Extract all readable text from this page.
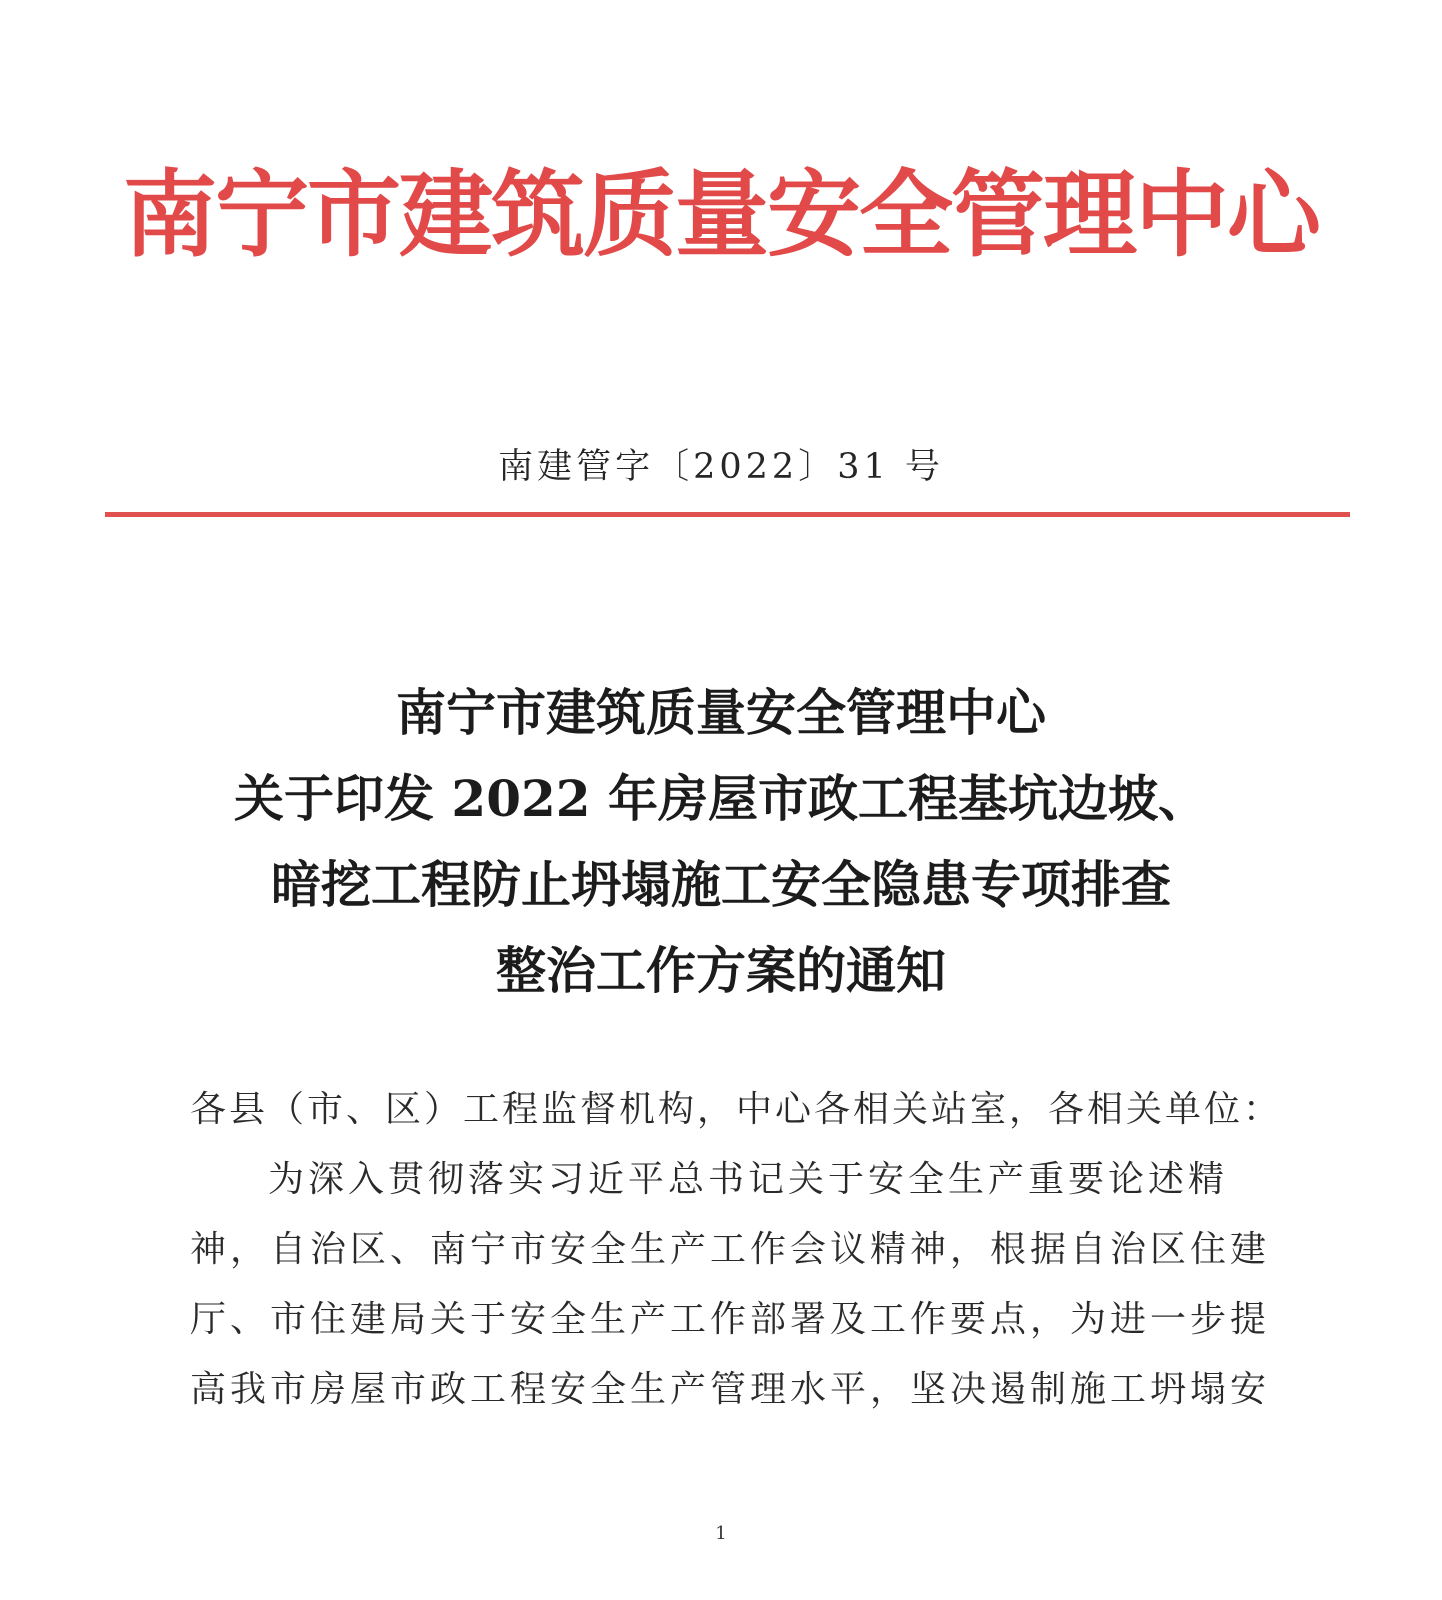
南宁市建筑质量安全管理中心
南建管字〔2022〕31 号
南宁市建筑质量安全管理中心
关于印发 2022 年房屋市政工程基坑边坡、
暗挖工程防止坍塌施工安全隐患专项排查
整治工作方案的通知
各县（市、区）工程监督机构，中心各相关站室，各相关单位：
为深入贯彻落实习近平总书记关于安全生产重要论述精
神，自治区、南宁市安全生产工作会议精神，根据自治区住建
厅、市住建局关于安全生产工作部署及工作要点，为进一步提
高我市房屋市政工程安全生产管理水平，坚决遏制施工坍塌安
1
